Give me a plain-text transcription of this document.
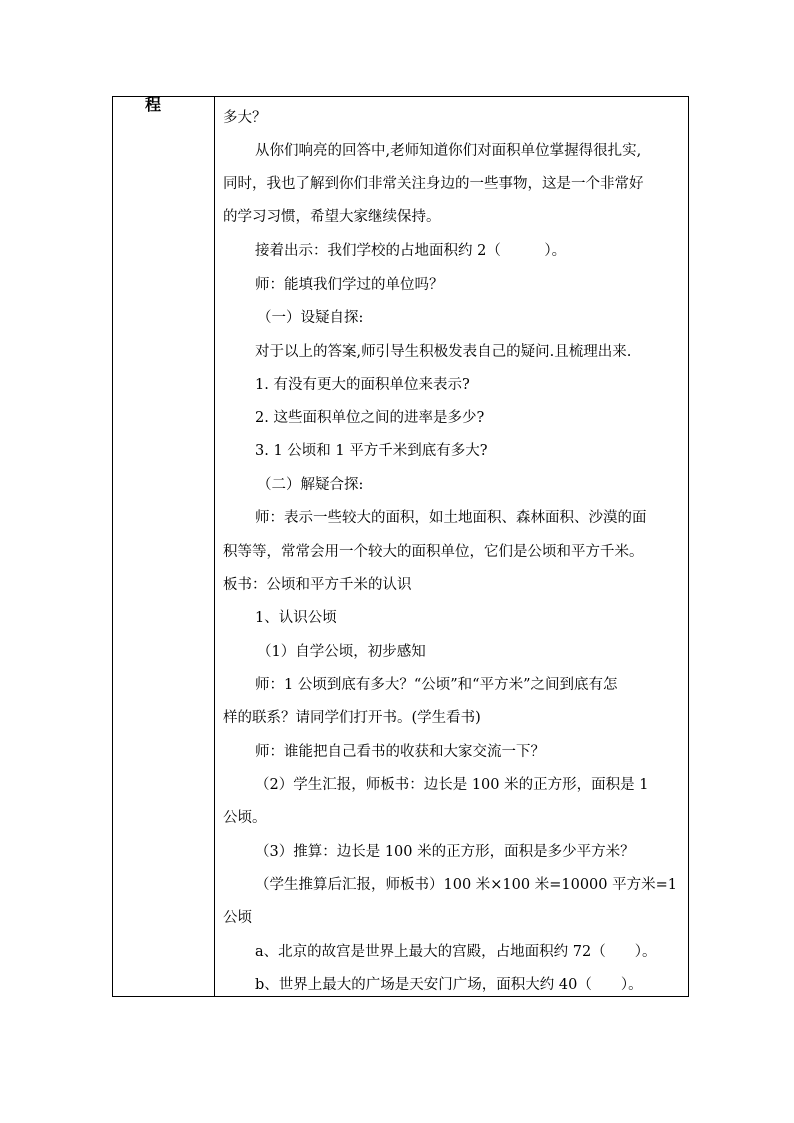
程
多大？
从你们响亮的回答中,老师知道你们对面积单位掌握得很扎实,
同时，我也了解到你们非常关注身边的一些事物，这是一个非常好
的学习习惯，希望大家继续保持。
接着出示：我们学校的占地面积约 2（　　　）。
师：能填我们学过的单位吗？
（一）设疑自探:
对于以上的答案,师引导生积极发表自己的疑问.且梳理出来.
1. 有没有更大的面积单位来表示?
2. 这些面积单位之间的进率是多少?
3. 1 公顷和 1 平方千米到底有多大?
（二）解疑合探:
师：表示一些较大的面积，如土地面积、森林面积、沙漠的面
积等等，常常会用一个较大的面积单位，它们是公顷和平方千米。
板书：公顷和平方千米的认识
1、认识公顷
（1）自学公顷，初步感知
师：1 公顷到底有多大？“公顷”和“平方米”之间到底有怎
样的联系？请同学们打开书。(学生看书)
师：谁能把自己看书的收获和大家交流一下？
（2）学生汇报，师板书：边长是 100 米的正方形，面积是 1
公顷。
（3）推算：边长是 100 米的正方形，面积是多少平方米？
（学生推算后汇报，师板书）100 米×100 米=10000 平方米=1
公顷
a、北京的故宫是世界上最大的宫殿，占地面积约 72（　　）。
b、世界上最大的广场是天安门广场，面积大约 40（　　）。
